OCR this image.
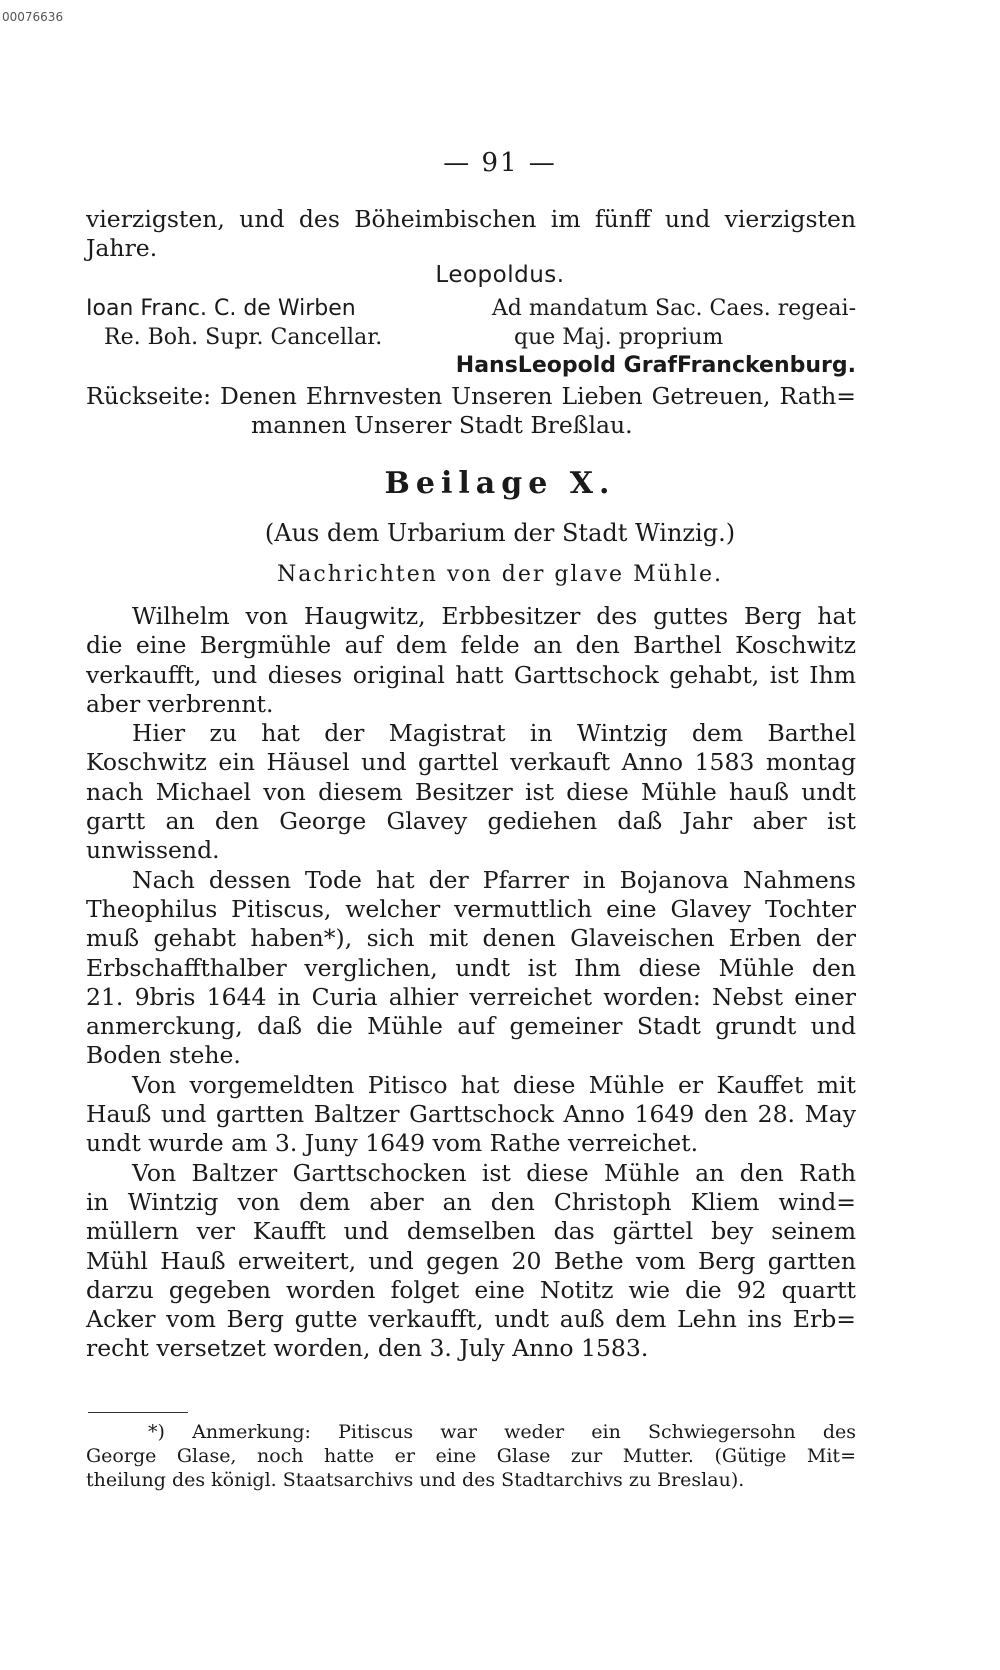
00076636
— 91 —
vierzigsten, und des Böheimbischen im fünff und vierzigsten
Jahre.
Leopoldus.
Ioan Franc. C. de Wirben	Ad mandatum Sac. Caes. regeai-
Re. Boh. Supr. Cancellar.	que Maj. proprium
HansLeopold GrafFranckenburg.
Rückseite: Denen Ehrnvesten Unseren Lieben Getreuen, Rath=
mannen Unserer Stadt Breßlau.
Beilage X.
(Aus dem Urbarium der Stadt Winzig.)
Nachrichten von der glave Mühle.
Wilhelm von Haugwitz, Erbbesitzer des guttes Berg hat
die eine Bergmühle auf dem felde an den Barthel Koschwitz
verkaufft, und dieses original hatt Garttschock gehabt, ist Ihm
aber verbrennt.
Hier zu hat der Magistrat in Wintzig dem Barthel
Koschwitz ein Häusel und garttel verkauft Anno 1583 montag
nach Michael von diesem Besitzer ist diese Mühle hauß undt
gartt an den George Glavey gediehen daß Jahr aber ist
unwissend.
Nach dessen Tode hat der Pfarrer in Bojanova Nahmens
Theophilus Pitiscus, welcher vermuttlich eine Glavey Tochter
muß gehabt haben*), sich mit denen Glaveischen Erben der
Erbschaffthalber verglichen, undt ist Ihm diese Mühle den
21. 9bris 1644 in Curia alhier verreichet worden: Nebst einer
anmerckung, daß die Mühle auf gemeiner Stadt grundt und
Boden stehe.
Von vorgemeldten Pitisco hat diese Mühle er Kauffet mit
Hauß und gartten Baltzer Garttschock Anno 1649 den 28. May
undt wurde am 3. Juny 1649 vom Rathe verreichet.
Von Baltzer Garttschocken ist diese Mühle an den Rath
in Wintzig von dem aber an den Christoph Kliem wind=
müllern ver Kaufft und demselben das gärttel bey seinem
Mühl Hauß erweitert, und gegen 20 Bethe vom Berg gartten
darzu gegeben worden folget eine Notitz wie die 92 quartt
Acker vom Berg gutte verkaufft, undt auß dem Lehn ins Erb=
recht versetzet worden, den 3. July Anno 1583.
*) Anmerkung: Pitiscus war weder ein Schwiegersohn des
George Glase, noch hatte er eine Glase zur Mutter. (Gütige Mit=
theilung des königl. Staatsarchivs und des Stadtarchivs zu Breslau).
